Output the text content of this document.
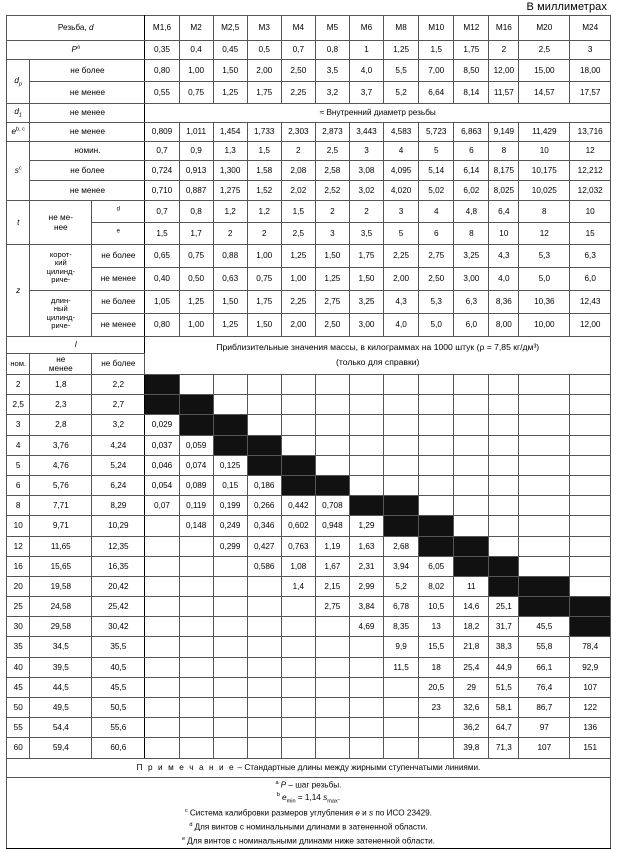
В миллиметрах
Резьба, d			M1,6	M2	M2,5	M3	M4	M5	M6	M8	M10	M12	M16	M20	M24
$P^a$			0,35	0,4	0,45	0,5	0,7	0,8	1	1,25	1,5	1,75	2	2,5	3
$d_p$	не более		0,80	1,00	1,50	2,00	2,50	3,5	4,0	5,5	7,00	8,50	12,00	15,00	18,00
	не менее		0,55	0,75	1,25	1,75	2,25	3,2	3,7	5,2	6,64	8,14	11,57	14,57	17,57
$d_1$	не менее		≈ Внутренний диаметр резьбы												
$e^{b, c}$	не менее		0,809	1,011	1,454	1,733	2,303	2,873	3,443	4,583	5,723	6,863	9,149	11,429	13,716
$s^c$	номин.		0,7	0,9	1,3	1,5	2	2,5	3	4	5	6	8	10	12
	не более		0,724	0,913	1,300	1,58	2,08	2,58	3,08	4,095	5,14	6,14	8,175	10,175	12,212
	не менее		0,710	0,887	1,275	1,52	2,02	2,52	3,02	4,020	5,02	6,02	8,025	10,025	12,032
t	не ме-
нее	$^d$	0,7	0,8	1,2	1,2	1,5	2	2	3	4	4,8	6,4	8	10
		$^e$	1,5	1,7	2	2	2,5	3	3,5	5	6	8	10	12	15
z	корот-
кий
цилинд-
риче-	не более	0,65	0,75	0,88	1,00	1,25	1,50	1,75	2,25	2,75	3,25	4,3	5,3	6,3
		не менее	0,40	0,50	0,63	0,75	1,00	1,25	1,50	2,00	2,50	3,00	4,0	5,0	6,0
	длин-
ный
цилинд-
риче-	не более	1,05	1,25	1,50	1,75	2,25	2,75	3,25	4,3	5,3	6,3	8,36	10,36	12,43
		не менее	0,80	1,00	1,25	1,50	2,00	2,50	3,00	4,0	5,0	6,0	8,00	10,00	12,00
l			Приблизительные значения массы, в килограммах на 1000 штук (ρ = 7,85 кг/дм³)
(только для справки)												

ном.	не
менее	не более													
2	1,8	2,2													
2,5	2,3	2,7													
3	2,8	3,2	0,029												
4	3,76	4,24	0,037	0,059											
5	4,76	5,24	0,046	0,074	0,125										
6	5,76	6,24	0,054	0,089	0,15	0,186									
8	7,71	8,29	0,07	0,119	0,199	0,266	0,442	0,708							
10	9,71	10,29		0,148	0,249	0,346	0,602	0,948	1,29						
12	11,65	12,35			0,299	0,427	0,763	1,19	1,63	2,68					
16	15,65	16,35				0,586	1,08	1,67	2,31	3,94	6,05				
20	19,58	20,42					1,4	2,15	2,99	5,2	8,02	11			
25	24,58	25,42						2,75	3,84	6,78	10,5	14,6	25,1		
30	29,58	30,42							4,69	8,35	13	18,2	31,7	45,5	
35	34,5	35,5								9,9	15,5	21,8	38,3	55,8	78,4
40	39,5	40,5								11,5	18	25,4	44,9	66,1	92,9
45	44,5	45,5									20,5	29	51,5	76,4	107
50	49,5	50,5									23	32,6	58,1	86,7	122
55	54,4	55,6										36,2	64,7	97	136
60	59,4	60,6										39,8	71,3	107	151
П р и м е ч а н и е – Стандартные длины между жирными ступенчатыми линиями.															
$^a$ P – шаг резьбы.															
$^b$ $e_{min} = 1,14$ $s_{max}$.															
$^c$ Система калибровки размеров углубления e и s по ИСО 23429.															
$^d$ Для винтов с номинальными длинами в затененной области.															
$^e$ Для винтов с номинальными длинами ниже затененной области.															
